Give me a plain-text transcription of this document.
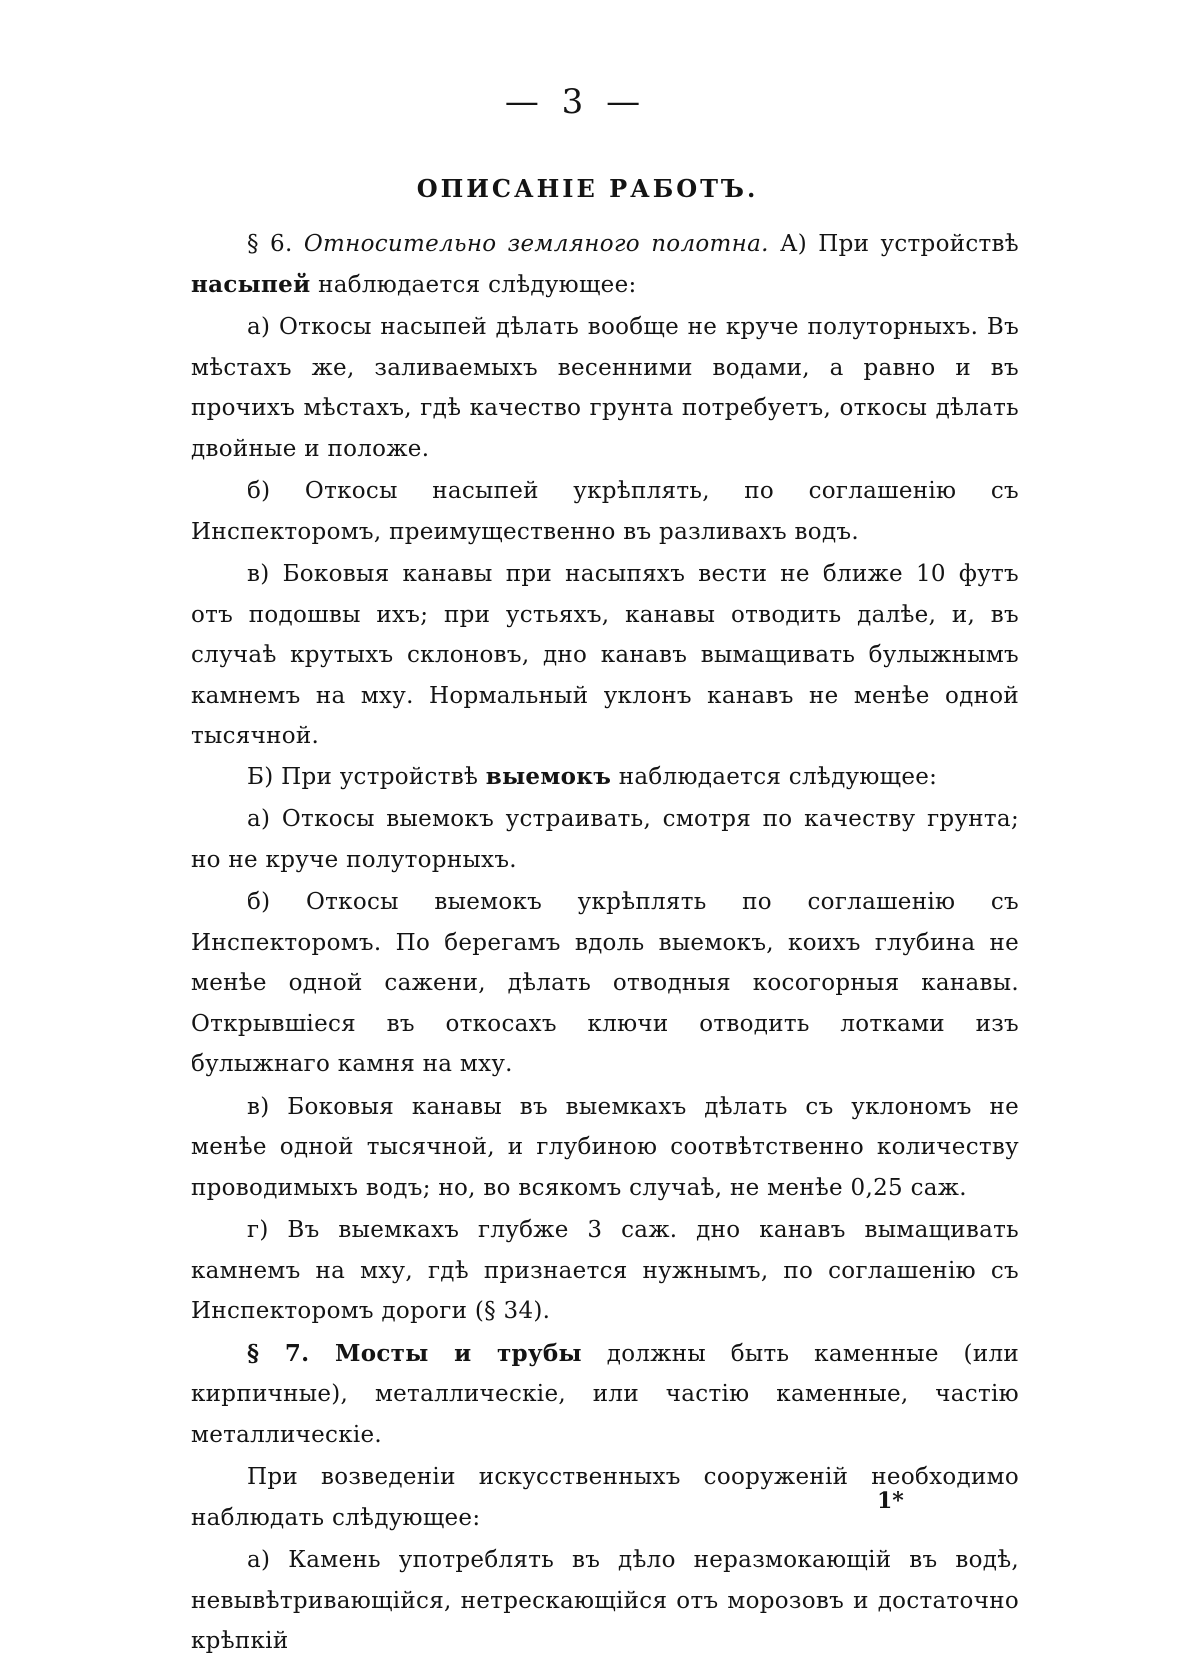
— 3 —
ОПИСАНІЕ РАБОТЪ.

§ 6. Относительно земляного полотна. А) При устройствѣ насыпей наблюдается слѣдующее:

а) Откосы насыпей дѣлать вообще не круче полуторныхъ. Въ мѣстахъ же, заливаемыхъ весенними водами, а равно и въ прочихъ мѣстахъ, гдѣ качество грунта потребуетъ, откосы дѣлать двойные и положе.

б) Откосы насыпей укрѣплять, по соглашенію съ Инспекторомъ, преимущественно въ разливахъ водъ.

в) Боковыя канавы при насыпяхъ вести не ближе 10 футъ отъ подошвы ихъ; при устьяхъ, канавы отводить далѣе, и, въ случаѣ крутыхъ склоновъ, дно канавъ вымащивать булыжнымъ камнемъ на мху. Нормальный уклонъ канавъ не менѣе одной тысячной.

Б) При устройствѣ выемокъ наблюдается слѣдующее:

а) Откосы выемокъ устраивать, смотря по качеству грунта; но не круче полуторныхъ.

б) Откосы выемокъ укрѣплять по соглашенію съ Инспекторомъ. По берегамъ вдоль выемокъ, коихъ глубина не менѣе одной сажени, дѣлать отводныя косогорныя канавы. Открывшіеся въ откосахъ ключи отводить лотками изъ булыжнаго камня на мху.

в) Боковыя канавы въ выемкахъ дѣлать съ уклономъ не менѣе одной тысячной, и глубиною соотвѣтственно количеству проводимыхъ водъ; но, во всякомъ случаѣ, не менѣе 0,25 саж.

г) Въ выемкахъ глубже 3 саж. дно канавъ вымащивать камнемъ на мху, гдѣ признается нужнымъ, по соглашенію съ Инспекторомъ дороги (§ 34).

§ 7. Мосты и трубы должны быть каменные (или кирпичные), металлическіе, или частію каменные, частію металлическіе.

При возведеніи искусственныхъ сооруженій необходимо наблюдать слѣдующее:

а) Камень употреблять въ дѣло неразмокающій въ водѣ, невывѣтривающійся, нетрескающійся отъ морозовъ и достаточно крѣпкій

1*
